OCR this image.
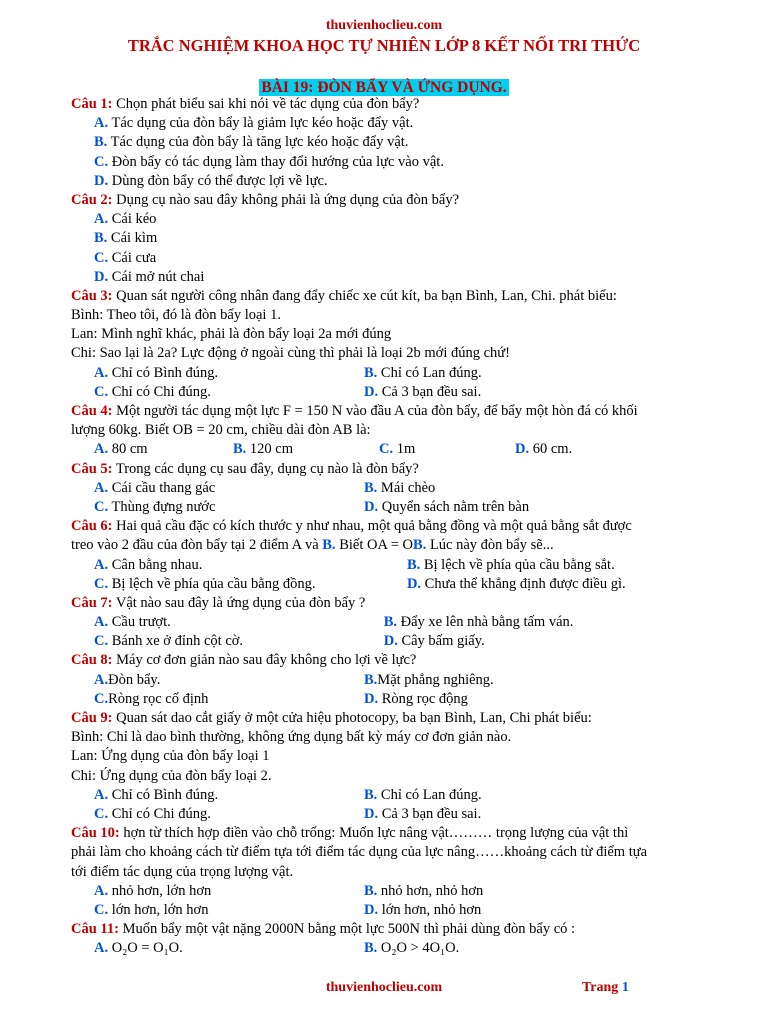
thuvienhoclieu.com
TRẮC NGHIỆM KHOA HỌC TỰ NHIÊN LỚP 8 KẾT NỐI TRI THỨC
BÀI 19: ĐÒN BẨY VÀ ỨNG DỤNG.
Câu 1: Chọn phát biểu sai khi nói về tác dụng của đòn bẩy?
A. Tác dụng của đòn bẩy là giảm lực kéo hoặc đẩy vật.
B. Tác dụng của đòn bẩy là tăng lực kéo hoặc đẩy vật.
C. Đòn bẩy có tác dụng làm thay đổi hướng của lực vào vật.
D. Dùng đòn bẩy có thể được lợi về lực.
Câu 2: Dụng cụ nào sau đây không phải là ứng dụng của đòn bẩy?
A. Cái kéo
B. Cái kìm
C. Cái cưa
D. Cái mở nút chai
Câu 3: Quan sát người công nhân đang đẩy chiếc xe cút kít, ba bạn Bình, Lan, Chi. phát biểu:
Bình: Theo tôi, đó là đòn bẩy loại 1.
Lan: Mình nghĩ khác, phải là đòn bẩy loại 2a mới đúng
Chi: Sao lại là 2a? Lực động ở ngoài cùng thì phải là loại 2b mới đúng chứ!
A. Chỉ có Bình đúng.	B. Chỉ có Lan đúng.
C. Chỉ có Chi đúng.	D. Cả 3 bạn đều sai.
Câu 4: Một người tác dụng một lực F = 150 N vào đầu A của đòn bẩy, để bẩy một hòn đá có khối
lượng 60kg. Biết OB = 20 cm, chiều dài đòn AB là:
A. 80 cm	B. 120 cm	C. 1m	D. 60 cm.
Câu 5: Trong các dụng cụ sau đây, dụng cụ nào là đòn bẩy?
A. Cái cầu thang gác	B. Mái chèo
C. Thùng đựng nước	D. Quyển sách nằm trên bàn
Câu 6: Hai quả cầu đặc có kích thước y như nhau, một quả bằng đồng và một quả bằng sắt được
treo vào 2 đầu của đòn bẩy tại 2 điểm A và B. Biết OA = OB. Lúc này đòn bẩy sẽ...
A. Cân bằng nhau.	B. Bị lệch về phía qủa cầu bằng sắt.
C. Bị lệch về phía qủa cầu bằng đồng.	D. Chưa thể khẳng định được điều gì.
Câu 7: Vật nào sau đây là ứng dụng của đòn bẩy ?
A. Cầu trượt.	B. Đẩy xe lên nhà bằng tấm ván.
C. Bánh xe ở đỉnh cột cờ.	D. Cây bấm giấy.
Câu 8: Máy cơ đơn giản nào sau đây không cho lợi về lực?
A.Đòn bẩy.	B.Mặt phẳng nghiêng.
C.Ròng rọc cố định	D. Ròng rọc động
Câu 9: Quan sát dao cắt giấy ở một cửa hiệu photocopy, ba bạn Bình, Lan, Chi phát biểu:
Bình: Chỉ là dao bình thường, không ứng dụng bất kỳ máy cơ đơn giản nào.
Lan: Ứng dụng của đòn bẩy loại 1
Chi: Ứng dụng của đòn bẩy loại 2.
A. Chỉ có Bình đúng.	B. Chỉ có Lan đúng.
C. Chỉ có Chi đúng.	D. Cả 3 bạn đều sai.
Câu 10: hợn từ thích hợp điền vào chỗ trống: Muốn lực nâng vật……… trọng lượng của vật thì
phải làm cho khoảng cách từ điểm tựa tới điểm tác dụng của lực nâng……khoảng cách từ điểm tựa
tới điểm tác dụng của trọng lượng vật.
A. nhỏ hơn, lớn hơn	B. nhỏ hơn, nhỏ hơn
C. lớn hơn, lớn hơn	D. lớn hơn, nhỏ hơn
Câu 11: Muốn bẩy một vật nặng 2000N bằng một lực 500N thì phải dùng đòn bẩy có :
A. O₂O = O₁O.	B. O₂O > 4O₁O.
thuvienhoclieu.com	Trang 1
